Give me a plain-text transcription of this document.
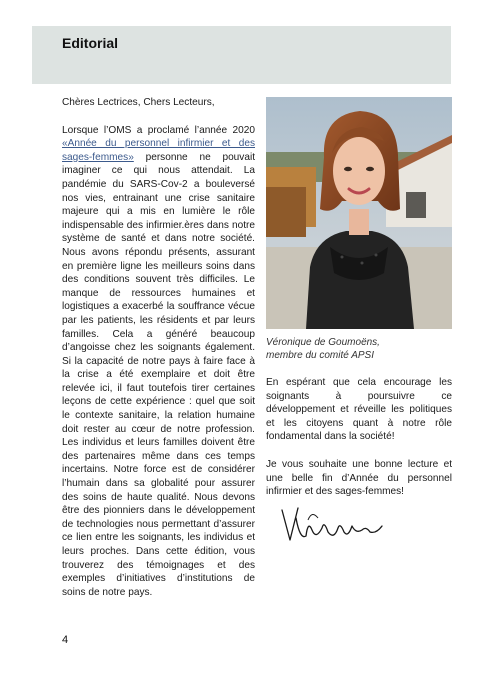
Editorial

Chères Lectrices, Chers Lecteurs,

Lorsque l’OMS a proclamé l’année 2020 «Année du personnel infirmier et des sages-femmes» personne ne pouvait imaginer ce qui nous attendait. La pandémie du SARS-Cov-2 a bouleversé nos vies, entrainant une crise sanitaire majeure qui a mis en lumière le rôle indispensable des infirmier.ères dans notre système de santé et dans notre société. Nous avons répondu présents, assurant en première ligne les meilleurs soins dans des conditions souvent très difficiles. Le manque de ressources humaines et logistiques a exacerbé la souffrance vécue par les patients, les résidents et par leurs familles. Cela a généré beaucoup d’angoisse chez les soignants également. Si la capacité de notre pays à faire face à la crise a été exemplaire et doit être relevée ici, il faut toutefois tirer certaines leçons de cette expérience : quel que soit le contexte sanitaire, la relation humaine doit rester au cœur de notre profession. Les individus et leurs familles doivent être des partenaires même dans ces temps incertains. Notre force est de considérer l’humain dans sa globalité pour assurer des soins de haute qualité. Nous devons être des pionniers dans le développement de technologies nous permettant d’assurer ce lien entre les soignants, les individus et leurs proches. Dans cette édition, vous trouverez des témoignages et des exemples d’initiatives d’institutions de soins de notre pays.

Véronique de Goumoëns,
membre du comité APSI

En espérant que cela encourage les soignants à poursuivre ce développement et réveille les politiques et les citoyens quant à notre rôle fondamental dans la société!

Je vous souhaite une bonne lecture et une belle fin d’Année du personnel infirmier et des sages-femmes!

4
